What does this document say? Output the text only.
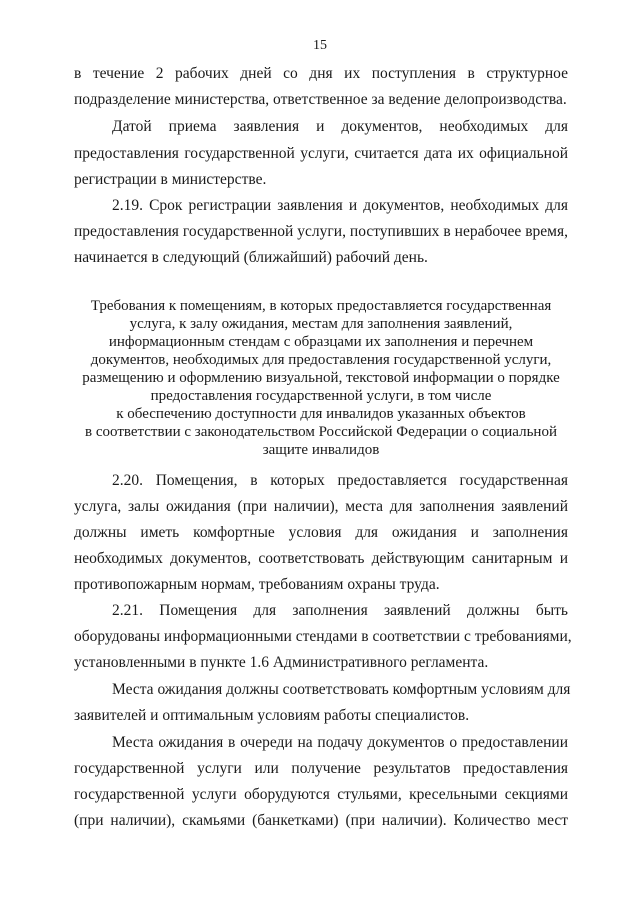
15
в течение 2 рабочих дней со дня их поступления в структурное
подразделение министерства, ответственное за ведение делопроизводства.
Датой приема заявления и документов, необходимых для
предоставления государственной услуги, считается дата их официальной
регистрации в министерстве.
2.19. Срок регистрации заявления и документов, необходимых для
предоставления государственной услуги, поступивших в нерабочее время,
начинается в следующий (ближайший) рабочий день.
Требования к помещениям, в которых предоставляется государственная
услуга, к залу ожидания, местам для заполнения заявлений,
информационным стендам с образцами их заполнения и перечнем
документов, необходимых для предоставления государственной услуги,
размещению и оформлению визуальной, текстовой информации о порядке
предоставления государственной услуги, в том числе
к обеспечению доступности для инвалидов указанных объектов
в соответствии с законодательством Российской Федерации о социальной
защите инвалидов
2.20. Помещения, в которых предоставляется государственная
услуга, залы ожидания (при наличии), места для заполнения заявлений
должны иметь комфортные условия для ожидания и заполнения
необходимых документов, соответствовать действующим санитарным и
противопожарным нормам, требованиям охраны труда.
2.21. Помещения для заполнения заявлений должны быть
оборудованы информационными стендами в соответствии с требованиями,
установленными в пункте 1.6 Административного регламента.
Места ожидания должны соответствовать комфортным условиям для
заявителей и оптимальным условиям работы специалистов.
Места ожидания в очереди на подачу документов о предоставлении
государственной услуги или получение результатов предоставления
государственной услуги оборудуются стульями, кресельными секциями
(при наличии), скамьями (банкетками) (при наличии). Количество мест
